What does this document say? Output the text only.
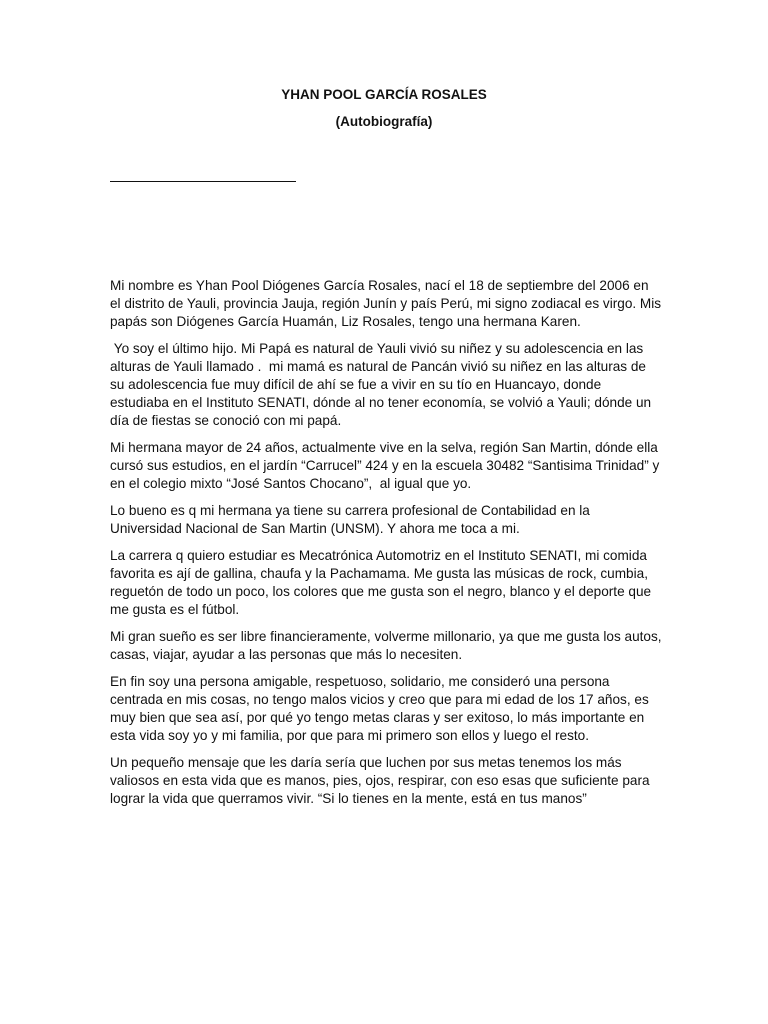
YHAN POOL GARCÍA ROSALES
(Autobiografía)

Mi nombre es Yhan Pool Diógenes García Rosales, nací el 18 de septiembre del 2006 en el distrito de Yauli, provincia Jauja, región Junín y país Perú, mi signo zodiacal es virgo. Mis papás son Diógenes García Huamán, Liz Rosales, tengo una hermana Karen.

Yo soy el último hijo. Mi Papá es natural de Yauli vivió su niñez y su adolescencia en las alturas de Yauli llamado .  mi mamá es natural de Pancán vivió su niñez en las alturas de su adolescencia fue muy difícil de ahí se fue a vivir en su tío en Huancayo, donde estudiaba en el Instituto SENATI, dónde al no tener economía, se volvió a Yauli; dónde un día de fiestas se conoció con mi papá.

Mi hermana mayor de 24 años, actualmente vive en la selva, región San Martin, dónde ella cursó sus estudios, en el jardín “Carrucel” 424 y en la escuela 30482 “Santisima Trinidad” y en el colegio mixto “José Santos Chocano”,  al igual que yo.

Lo bueno es q mi hermana ya tiene su carrera profesional de Contabilidad en la Universidad Nacional de San Martin (UNSM). Y ahora me toca a mi.

La carrera q quiero estudiar es Mecatrónica Automotriz en el Instituto SENATI, mi comida favorita es ají de gallina, chaufa y la Pachamama. Me gusta las músicas de rock, cumbia, reguetón de todo un poco, los colores que me gusta son el negro, blanco y el deporte que me gusta es el fútbol.

Mi gran sueño es ser libre financieramente, volverme millonario, ya que me gusta los autos, casas, viajar, ayudar a las personas que más lo necesiten.

En fin soy una persona amigable, respetuoso, solidario, me consideró una persona centrada en mis cosas, no tengo malos vicios y creo que para mi edad de los 17 años, es muy bien que sea así, por qué yo tengo metas claras y ser exitoso, lo más importante en esta vida soy yo y mi familia, por que para mi primero son ellos y luego el resto.

Un pequeño mensaje que les daría sería que luchen por sus metas tenemos los más valiosos en esta vida que es manos, pies, ojos, respirar, con eso esas que suficiente para lograr la vida que querramos vivir. “Si lo tienes en la mente, está en tus manos”
